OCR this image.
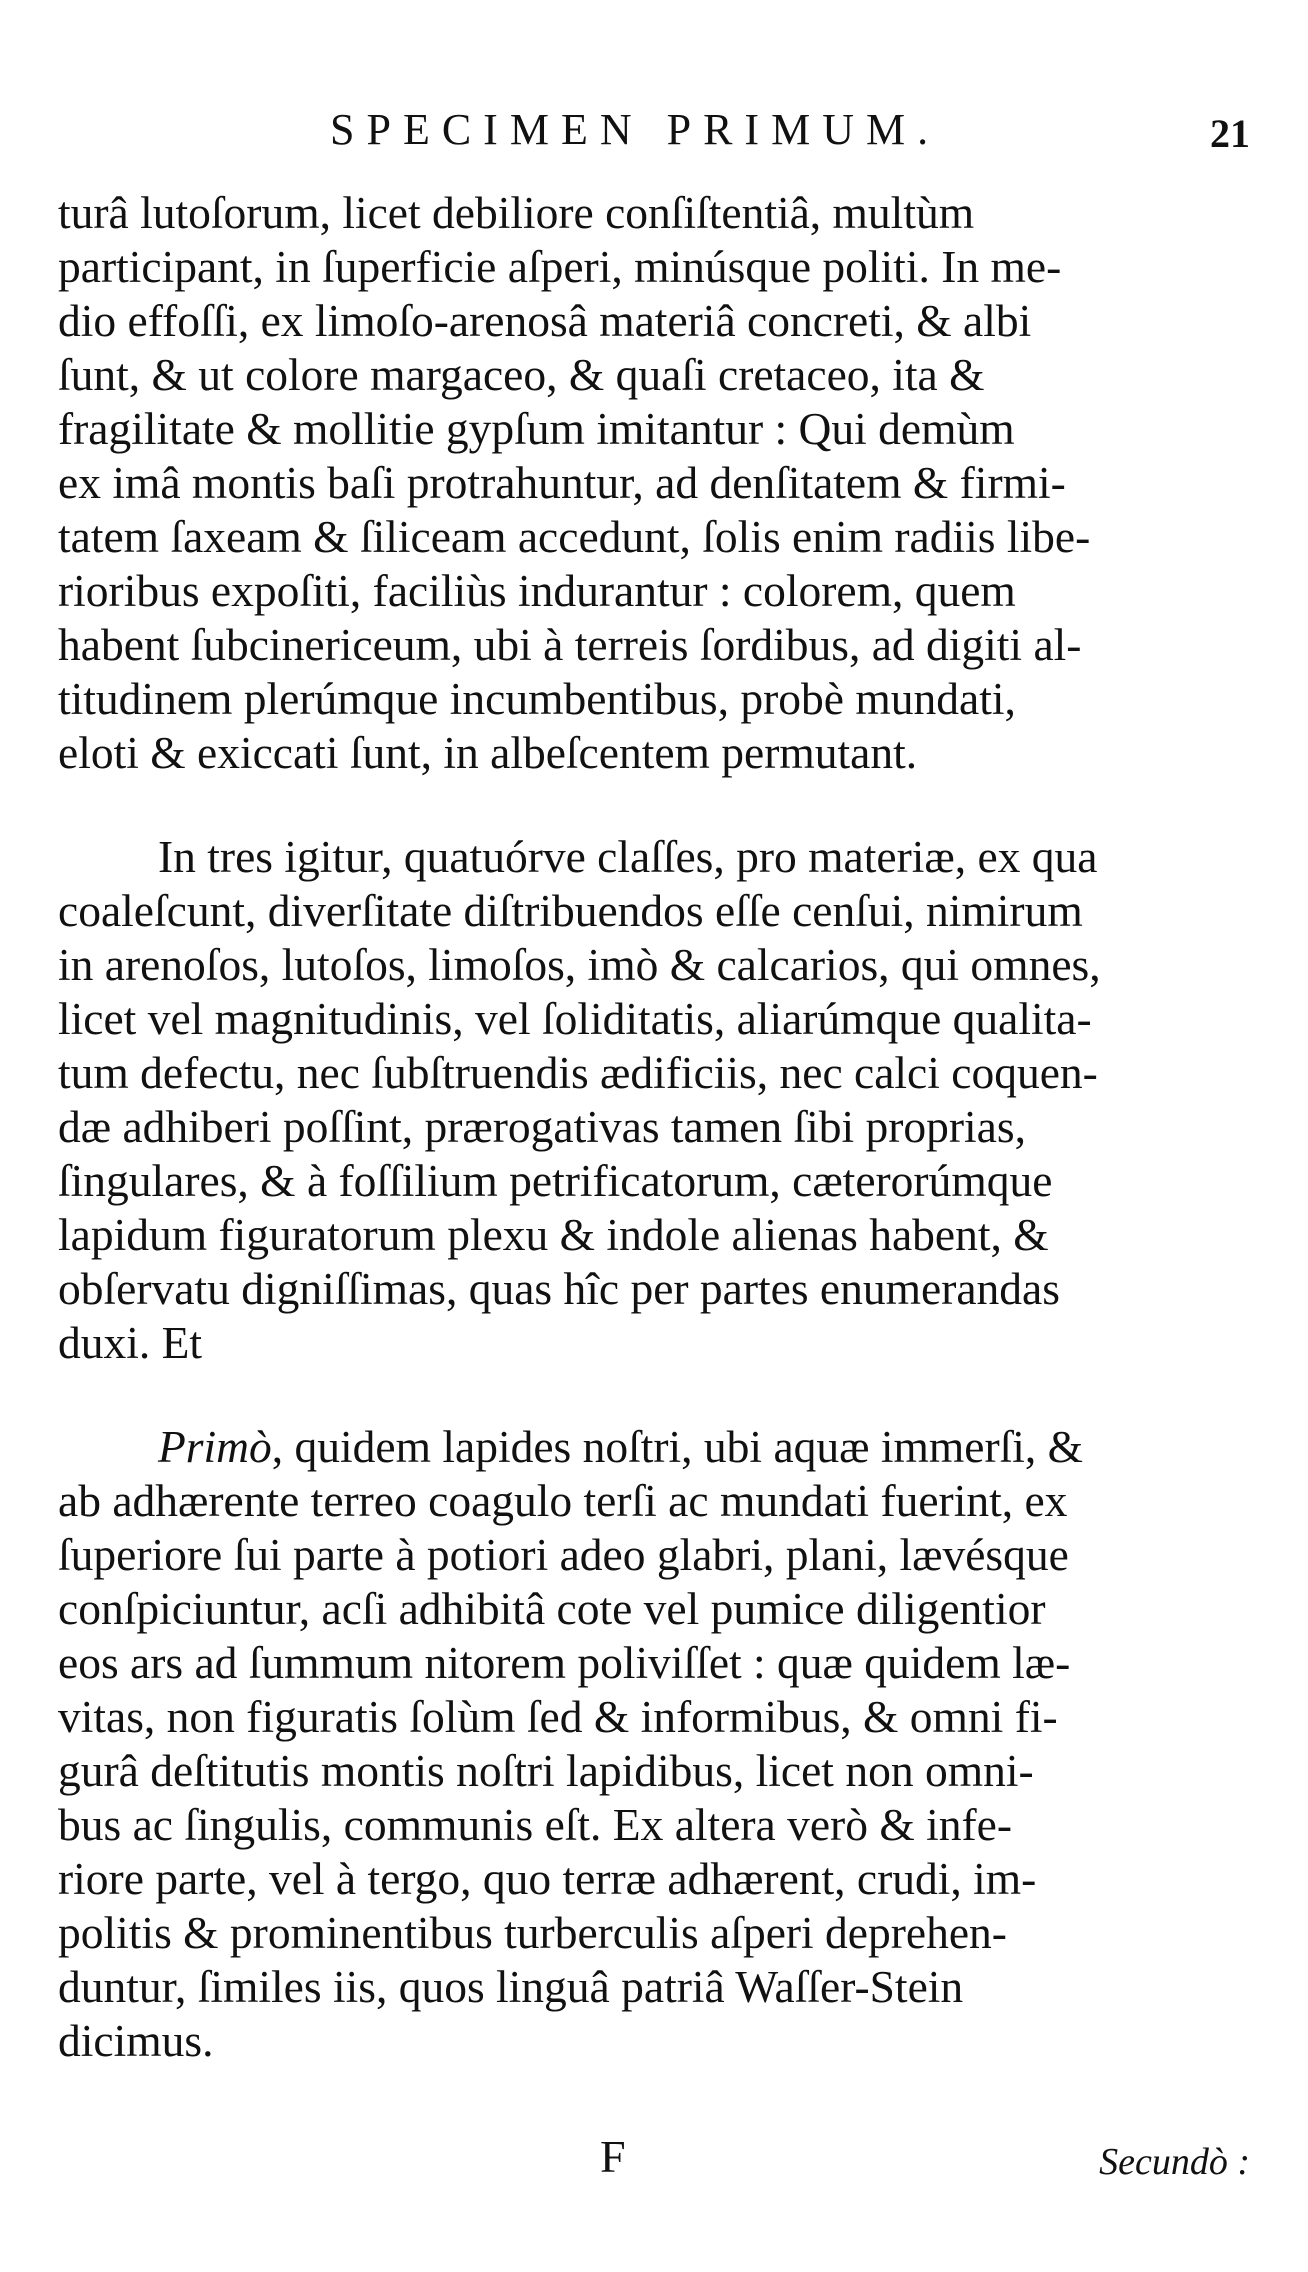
SPECIMEN PRIMUM.	21
turâ lutoſorum, licet debiliore conſiſtentiâ, multùm
participant, in ſuperficie aſperi, minúsque politi. In me-
dio effoſſi, ex limoſo-arenosâ materiâ concreti, & albi
ſunt, & ut colore margaceo, & quaſi cretaceo, ita &
fragilitate & mollitie gypſum imitantur : Qui demùm
ex imâ montis baſi protrahuntur, ad denſitatem & firmi-
tatem ſaxeam & ſiliceam accedunt, ſolis enim radiis libe-
rioribus expoſiti, faciliùs indurantur : colorem, quem
habent ſubcinericeum, ubi à terreis ſordibus, ad digiti al-
titudinem plerúmque incumbentibus, probè mundati,
eloti & exiccati ſunt, in albeſcentem permutant.
In tres igitur, quatuórve claſſes, pro materiæ, ex qua
coaleſcunt, diverſitate diſtribuendos eſſe cenſui, nimirum
in arenoſos, lutoſos, limoſos, imò & calcarios, qui omnes,
licet vel magnitudinis, vel ſoliditatis, aliarúmque qualita-
tum defectu, nec ſubſtruendis ædificiis, nec calci coquen-
dæ adhiberi poſſint, prærogativas tamen ſibi proprias,
ſingulares, & à foſſilium petrificatorum, cæterorúmque
lapidum figuratorum plexu & indole alienas habent, &
obſervatu digniſſimas, quas hîc per partes enumerandas
duxi. Et
Primò, quidem lapides noſtri, ubi aquæ immerſi, &
ab adhærente terreo coagulo terſi ac mundati fuerint, ex
ſuperiore ſui parte à potiori adeo glabri, plani, lævésque
conſpiciuntur, acſi adhibitâ cote vel pumice diligentior
eos ars ad ſummum nitorem poliviſſet : quæ quidem læ-
vitas, non figuratis ſolùm ſed & informibus, & omni fi-
gurâ deſtitutis montis noſtri lapidibus, licet non omni-
bus ac ſingulis, communis eſt. Ex altera verò & infe-
riore parte, vel à tergo, quo terræ adhærent, crudi, im-
politis & prominentibus turberculis aſperi deprehen-
duntur, ſimiles iis, quos linguâ patriâ Waſſer-Stein
dicimus.
F	Secundò :
